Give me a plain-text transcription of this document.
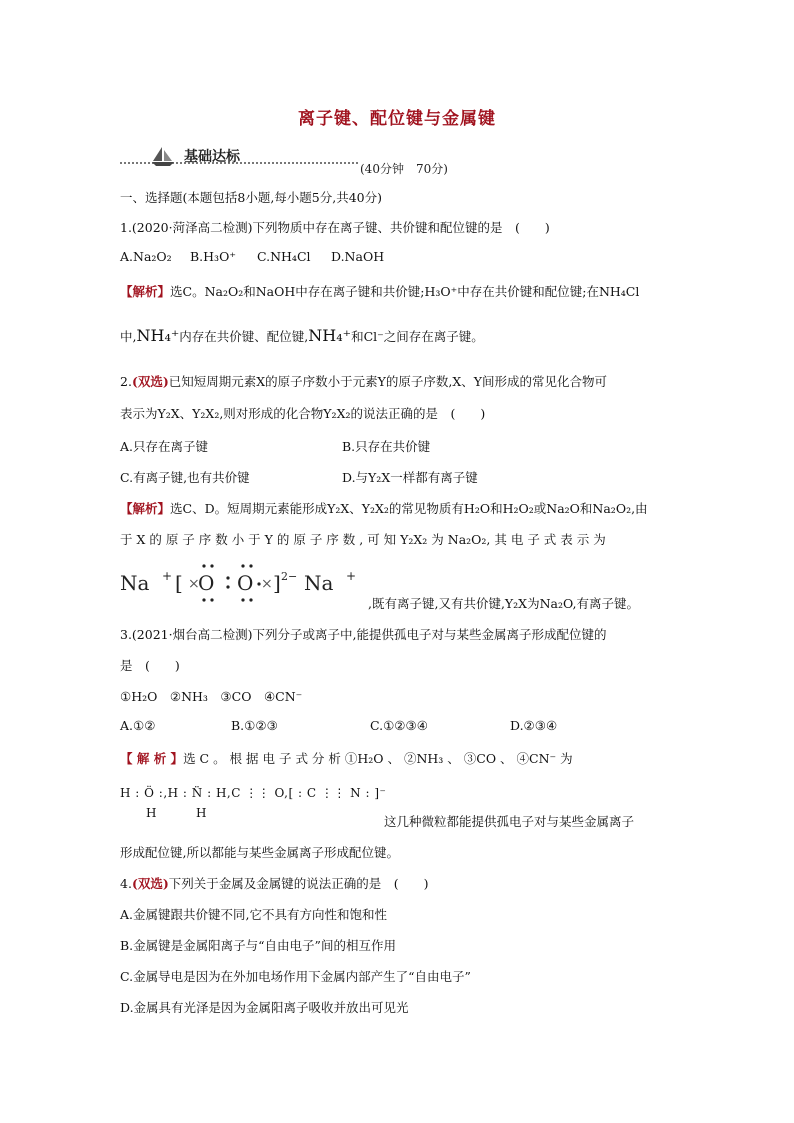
离子键、配位键与金属键
基础达标
(40分钟　70分)
一、选择题(本题包括8小题,每小题5分,共40分)
1.(2020·菏泽高二检测)下列物质中存在离子键、共价键和配位键的是　(　　)
A.Na₂O₂ B.H₃O⁺ C.NH₄Cl D.NaOH
【解析】选C。Na₂O₂和NaOH中存在离子键和共价键;H₃O⁺中存在共价键和配位键;在NH₄Cl
中,NH₄⁺内存在共价键、配位键,NH₄⁺和Cl⁻之间存在离子键。
2.(双选)已知短周期元素X的原子序数小于元素Y的原子序数,X、Y间形成的常见化合物可
表示为Y₂X、Y₂X₂,则对形成的化合物Y₂X₂的说法正确的是　(　　)
A.只存在离子键	B.只存在共价键
C.有离子键,也有共价键	D.与Y₂X一样都有离子键
【解析】选C、D。短周期元素能形成Y₂X、Y₂X₂的常见物质有H₂O和H₂O₂或Na₂O和Na₂O₂,由
于 X 的 原 子 序 数 小 于 Y 的 原 子 序 数 , 可 知 Y₂X₂ 为 Na₂O₂, 其 电 子 式 表 示 为
Na + [ ×
O O × ] 2− Na +
,既有离子键,又有共价键,Y₂X为Na₂O,有离子键。
3.(2021·烟台高二检测)下列分子或离子中,能提供孤电子对与某些金属离子形成配位键的
是　(　　)
①H₂O　②NH₃　③CO　④CN⁻
A.①②	B.①②③	C.①②③④	D.②③④
【 解 析 】选 C 。 根 据 电 子 式 分 析 ①H₂O 、 ②NH₃ 、 ③CO 、 ④CN⁻ 为
H : Ö :,H : N̈ : H,C ⋮⋮ O,[ : C ⋮⋮ N : ]⁻
H	H
这几种微粒都能提供孤电子对与某些金属离子
形成配位键,所以都能与某些金属离子形成配位键。
4.(双选)下列关于金属及金属键的说法正确的是　(　　)
A.金属键跟共价键不同,它不具有方向性和饱和性
B.金属键是金属阳离子与“自由电子”间的相互作用
C.金属导电是因为在外加电场作用下金属内部产生了“自由电子”
D.金属具有光泽是因为金属阳离子吸收并放出可见光
